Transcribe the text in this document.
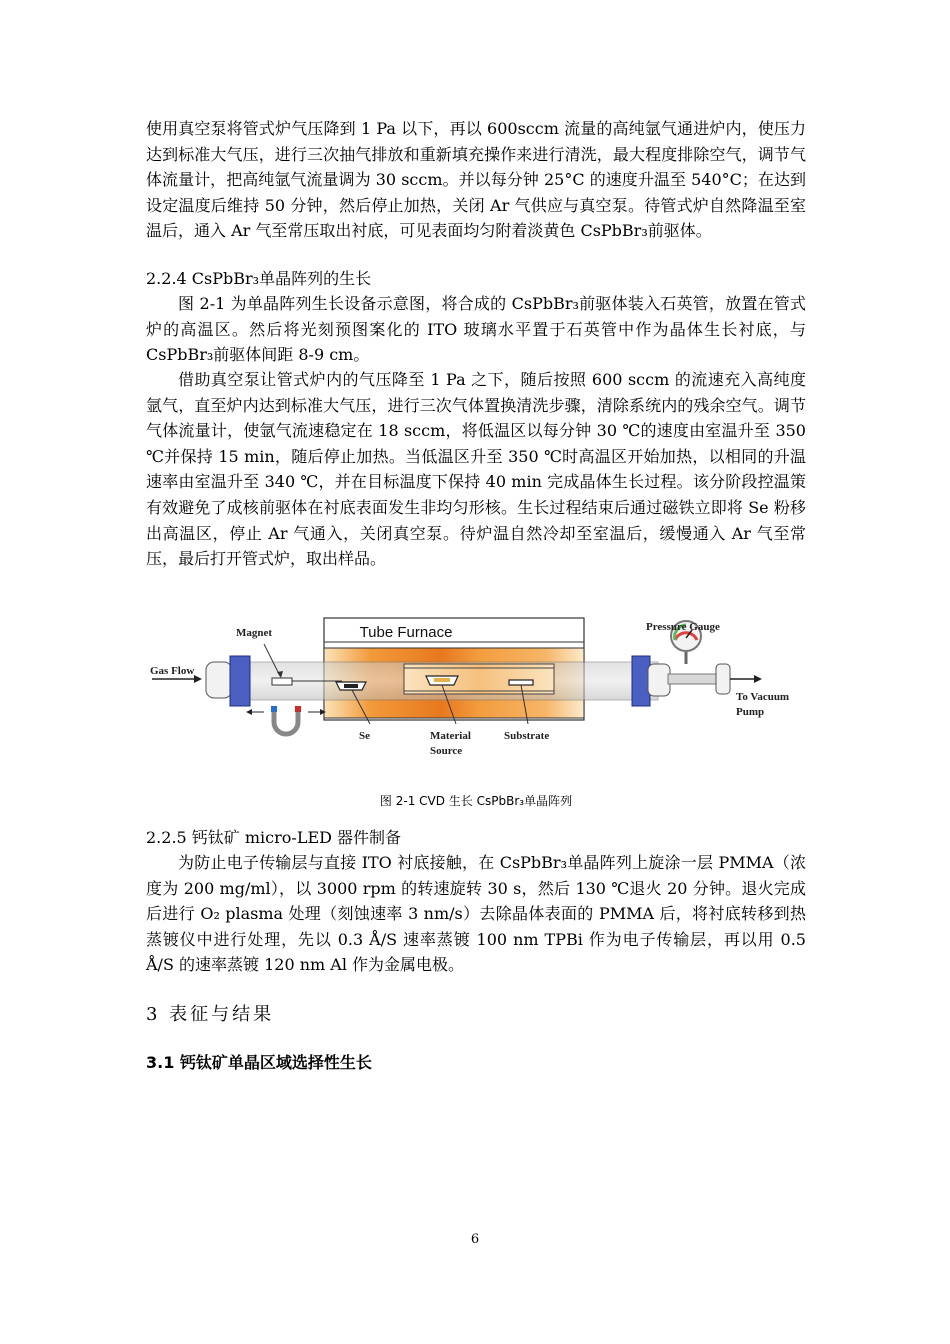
使用真空泵将管式炉气压降到 1 Pa 以下，再以 600sccm 流量的高纯氩气通进炉内，使压力达到标准大气压，进行三次抽气排放和重新填充操作来进行清洗，最大程度排除空气，调节气体流量计，把高纯氩气流量调为 30 sccm。并以每分钟 25°C 的速度升温至 540°C；在达到设定温度后维持 50 分钟，然后停止加热，关闭 Ar 气供应与真空泵。待管式炉自然降温至室温后，通入 Ar 气至常压取出衬底，可见表面均匀附着淡黄色 CsPbBr₃前驱体。

2.2.4 CsPbBr₃单晶阵列的生长

图 2-1 为单晶阵列生长设备示意图，将合成的 CsPbBr₃前驱体装入石英管，放置在管式炉的高温区。然后将光刻预图案化的 ITO 玻璃水平置于石英管中作为晶体生长衬底，与 CsPbBr₃前驱体间距 8-9 cm。

借助真空泵让管式炉内的气压降至 1 Pa 之下，随后按照 600 sccm 的流速充入高纯度氩气，直至炉内达到标准大气压，进行三次气体置换清洗步骤，清除系统内的残余空气。调节气体流量计，使氩气流速稳定在 18 sccm，将低温区以每分钟 30 ℃的速度由室温升至 350 ℃并保持 15 min，随后停止加热。当低温区升至 350 ℃时高温区开始加热，以相同的升温速率由室温升至 340 ℃，并在目标温度下保持 40 min 完成晶体生长过程。该分阶段控温策有效避免了成核前驱体在衬底表面发生非均匀形核。生长过程结束后通过磁铁立即将 Se 粉移出高温区，停止 Ar 气通入，关闭真空泵。待炉温自然冷却至室温后，缓慢通入 Ar 气至常压，最后打开管式炉，取出样品。

Tube Furnace
Magnet
Gas Flow
Pressure Gauge
To Vacuum
Pump
Se	Material
Source
Substrate
图 2-1 CVD 生长 CsPbBr₃单晶阵列

2.2.5 钙钛矿 micro-LED 器件制备

为防止电子传输层与直接 ITO 衬底接触，在 CsPbBr₃单晶阵列上旋涂一层 PMMA（浓度为 200 mg/ml），以 3000 rpm 的转速旋转 30 s，然后 130 ℃退火 20 分钟。退火完成后进行 O₂ plasma 处理（刻蚀速率 3 nm/s）去除晶体表面的 PMMA 后，将衬底转移到热蒸镀仪中进行处理，先以 0.3 Å/S 速率蒸镀 100 nm TPBi 作为电子传输层，再以用 0.5 Å/S 的速率蒸镀 120 nm Al 作为金属电极。

3 表征与结果

3.1 钙钛矿单晶区域选择性生长

6
